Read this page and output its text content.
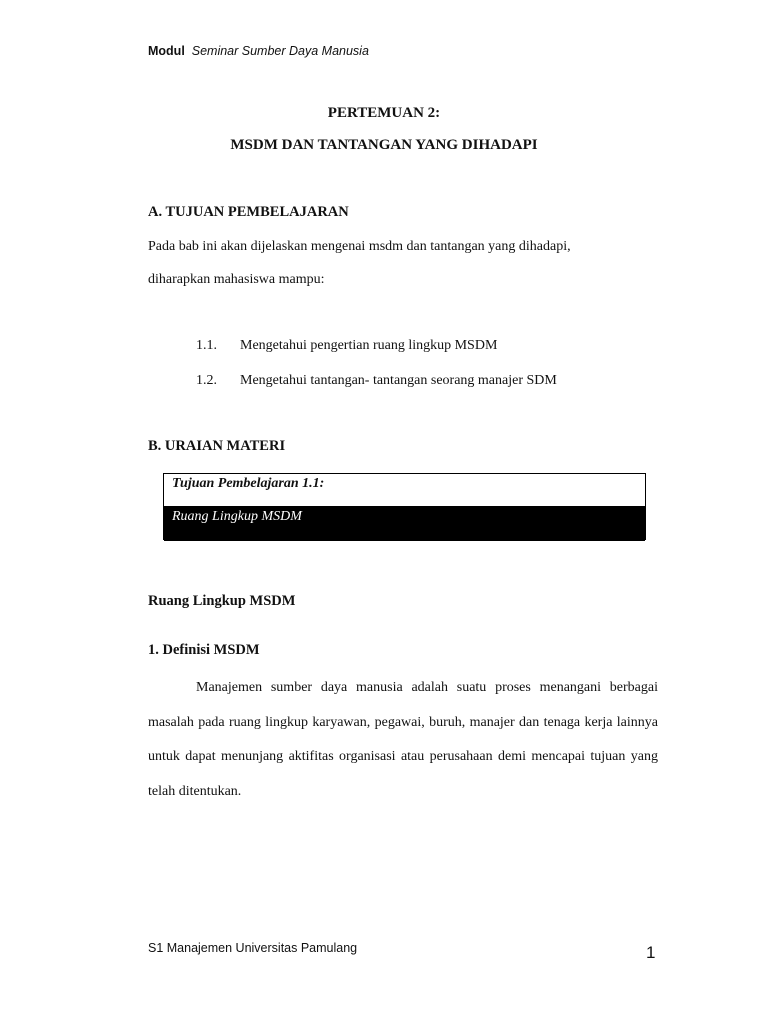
Modul Seminar Sumber Daya Manusia
PERTEMUAN 2:
MSDM DAN TANTANGAN YANG DIHADAPI
A. TUJUAN PEMBELAJARAN
Pada bab ini akan dijelaskan mengenai msdm dan tantangan yang dihadapi,
diharapkan mahasiswa mampu:
1.1. Mengetahui pengertian ruang lingkup MSDM
1.2. Mengetahui tantangan- tantangan seorang manajer SDM
B. URAIAN MATERI
Tujuan Pembelajaran 1.1:
Ruang Lingkup MSDM
Ruang Lingkup MSDM
1. Definisi MSDM
Manajemen sumber daya manusia adalah suatu proses menangani berbagai masalah pada ruang lingkup karyawan, pegawai, buruh, manajer dan tenaga kerja lainnya untuk dapat menunjang aktifitas organisasi atau perusahaan demi mencapai tujuan yang telah ditentukan.
S1 Manajemen Universitas Pamulang	1
